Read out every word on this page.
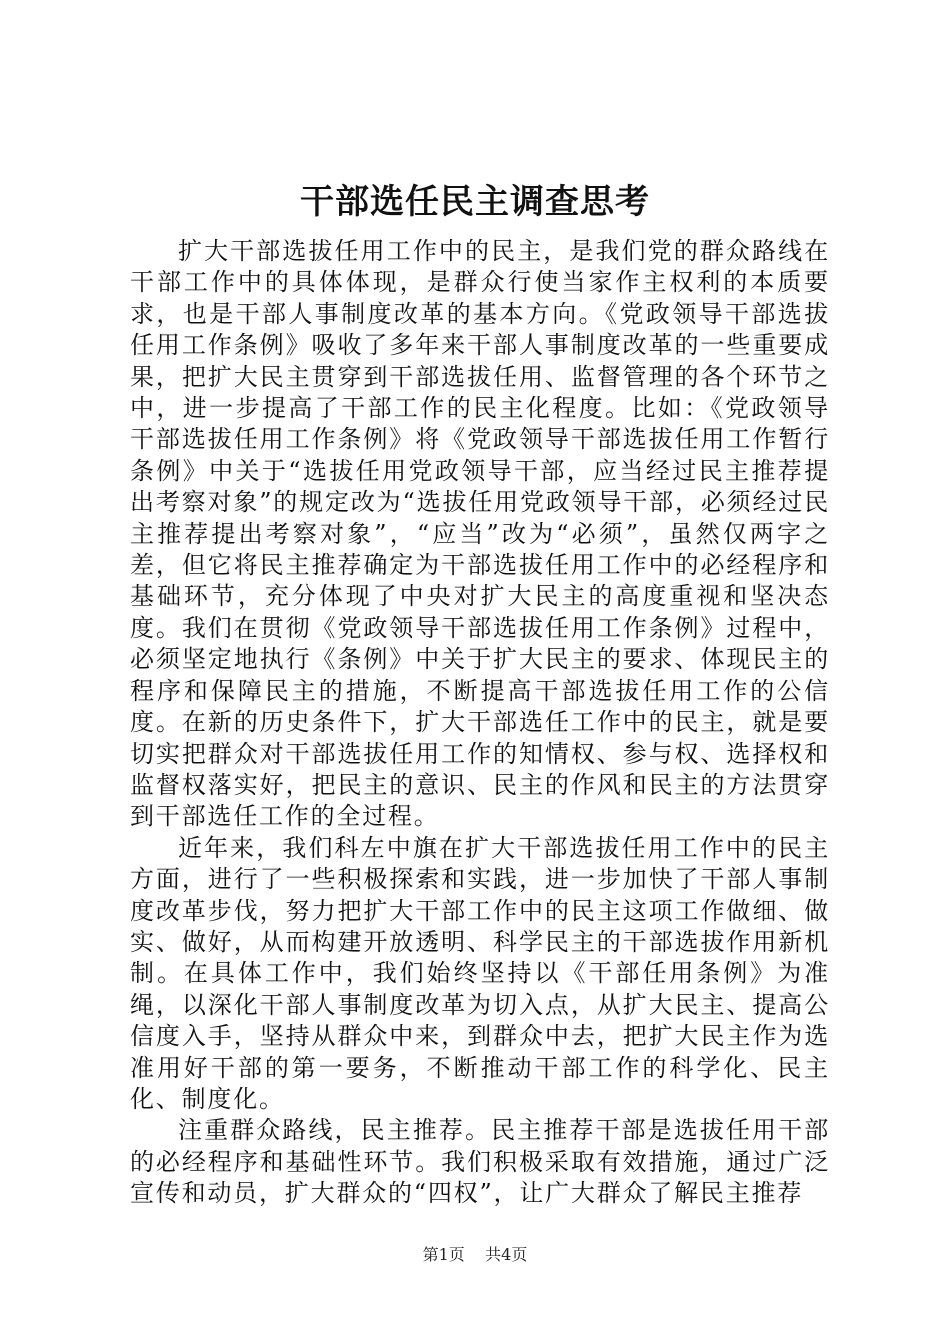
干部选任民主调查思考

扩大干部选拔任用工作中的民主，是我们党的群众路线在干部工作中的具体体现，是群众行使当家作主权利的本质要求，也是干部人事制度改革的基本方向。《党政领导干部选拔任用工作条例》吸收了多年来干部人事制度改革的一些重要成果，把扩大民主贯穿到干部选拔任用、监督管理的各个环节之中，进一步提高了干部工作的民主化程度。比如：《党政领导干部选拔任用工作条例》将《党政领导干部选拔任用工作暂行条例》中关于“选拔任用党政领导干部，应当经过民主推荐提出考察对象”的规定改为“选拔任用党政领导干部，必须经过民主推荐提出考察对象”，“应当”改为“必须”，虽然仅两字之差，但它将民主推荐确定为干部选拔任用工作中的必经程序和基础环节，充分体现了中央对扩大民主的高度重视和坚决态度。我们在贯彻《党政领导干部选拔任用工作条例》过程中，必须坚定地执行《条例》中关于扩大民主的要求、体现民主的程序和保障民主的措施，不断提高干部选拔任用工作的公信度。在新的历史条件下，扩大干部选任工作中的民主，就是要切实把群众对干部选拔任用工作的知情权、参与权、选择权和监督权落实好，把民主的意识、民主的作风和民主的方法贯穿到干部选任工作的全过程。

近年来，我们科左中旗在扩大干部选拔任用工作中的民主方面，进行了一些积极探索和实践，进一步加快了干部人事制度改革步伐，努力把扩大干部工作中的民主这项工作做细、做实、做好，从而构建开放透明、科学民主的干部选拔作用新机制。在具体工作中，我们始终坚持以《干部任用条例》为准绳，以深化干部人事制度改革为切入点，从扩大民主、提高公信度入手，坚持从群众中来，到群众中去，把扩大民主作为选准用好干部的第一要务，不断推动干部工作的科学化、民主化、制度化。

注重群众路线，民主推荐。民主推荐干部是选拔任用干部的必经程序和基础性环节。我们积极采取有效措施，通过广泛宣传和动员，扩大群众的“四权”，让广大群众了解民主推荐

第1页 共4页
